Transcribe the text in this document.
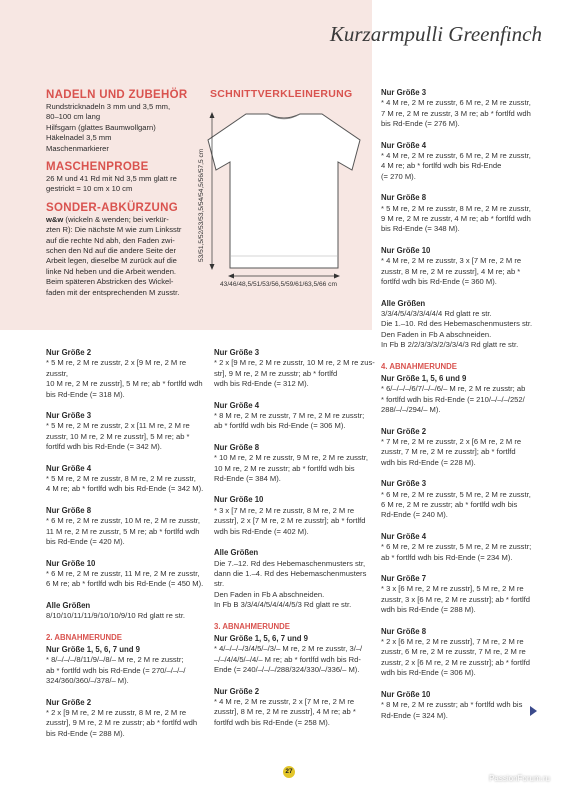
Kurzarmpulli Greenfinch
NADELN UND ZUBEHÖR
Rundstricknadeln 3 mm und 3,5 mm,
80–100 cm lang
Hilfsgarn (glattes Baumwollgarn)
Häkelnadel 3,5 mm
Maschenmarkierer
MASCHENPROBE
26 M und 41 Rd mit Nd 3,5 mm glatt re
gestrickt = 10 cm x 10 cm
SONDER-ABKÜRZUNG
w&w (wickeln & wenden; bei verkür-
zten R): Die nächste M wie zum Linksstr
auf die rechte Nd abh, den Faden zwi-
schen den Nd auf die andere Seite der
Arbeit legen, dieselbe M zurück auf die
linke Nd heben und die Arbeit wenden.
Beim späteren Abstricken des Wickel-
faden mit der entsprechenden M zusstr.
SCHNITTVERKLEINERUNG
53/51,5/52/53/53,5/54/54,5/56/57,5 cm
43/46/48,5/51/53/56,5/59/61/63,5/66 cm
Nur Größe 2
* 5 M re, 2 M re zusstr, 2 x [9 M re, 2 M re zusstr,
10 M re, 2 M re zusstr], 5 M re; ab * fortlfd wdh
bis Rd-Ende (= 318 M).
Nur Größe 3
* 5 M re, 2 M re zusstr, 2 x [11 M re, 2 M re
zusstr, 10 M re, 2 M re zusstr], 5 M re; ab *
fortlfd wdh bis Rd-Ende (= 342 M).
Nur Größe 4
* 5 M re, 2 M re zusstr, 8 M re, 2 M re zusstr,
4 M re; ab * fortlfd wdh bis Rd-Ende (= 342 M).
Nur Größe 8
* 6 M re, 2 M re zusstr, 10 M re, 2 M re zusstr,
11 M re, 2 M re zusstr, 5 M re; ab * fortlfd wdh
bis Rd-Ende (= 420 M).
Nur Größe 10
* 6 M re, 2 M re zusstr, 11 M re, 2 M re zusstr,
6 M re; ab * fortlfd wdh bis Rd-Ende (= 450 M).
Alle Größen
8/10/10/11/11/9/10/10/9/10 Rd glatt re str.
2. ABNAHMERUNDE
Nur Größe 1, 5, 6, 7 und 9
* 8/–/–/–/8/11/9/–/8/– M re, 2 M re zusstr;
ab * fortlfd wdh bis Rd-Ende (= 270/–/–/–/
324/360/360/–/378/– M).
Nur Größe 2
* 2 x [9 M re, 2 M re zusstr, 8 M re, 2 M re
zusstr], 9 M re, 2 M re zusstr; ab * fortlfd wdh
bis Rd-Ende (= 288 M).
Nur Größe 3
* 2 x [9 M re, 2 M re zusstr, 10 M re, 2 M re zus-
str], 9 M re, 2 M re zusstr; ab * fortlfd
wdh bis Rd-Ende (= 312 M).
Nur Größe 4
* 8 M re, 2 M re zusstr, 7 M re, 2 M re zusstr;
ab * fortlfd wdh bis Rd-Ende (= 306 M).
Nur Größe 8
* 10 M re, 2 M re zusstr, 9 M re, 2 M re zusstr,
10 M re, 2 M re zusstr; ab * fortlfd wdh bis
Rd-Ende (= 384 M).
Nur Größe 10
* 3 x [7 M re, 2 M re zusstr, 8 M re, 2 M re
zusstr], 2 x [7 M re, 2 M re zusstr]; ab * fortlfd
wdh bis Rd-Ende (= 402 M).
Alle Größen
Die 7.–12. Rd des Hebemaschenmusters str,
dann die 1.–4. Rd des Hebemaschenmusters
str.
Den Faden in Fb A abschneiden.
In Fb B 3/3/4/4/5/4/4/4/5/3 Rd glatt re str.
3. ABNAHMERUNDE
Nur Größe 1, 5, 6, 7 und 9
* 4/–/–/–/3/4/5/–/3/– M re, 2 M re zusstr, 3/–/
–/–/4/4/5/–/4/– M re; ab * fortlfd wdh bis Rd-
Ende (= 240/–/–/–/288/324/330/–/336/– M).
Nur Größe 2
* 4 M re, 2 M re zusstr, 2 x [7 M re, 2 M re
zusstr], 8 M re, 2 M re zusstr], 4 M re; ab *
fortlfd wdh bis Rd-Ende (= 258 M).
Nur Größe 3
* 4 M re, 2 M re zusstr, 6 M re, 2 M re zusstr,
7 M re, 2 M re zusstr, 3 M re; ab * fortlfd wdh
bis Rd-Ende (= 276 M).
Nur Größe 4
* 4 M re, 2 M re zusstr, 6 M re, 2 M re zusstr,
4 M re; ab * fortlfd wdh bis Rd-Ende
(= 270 M).
Nur Größe 8
* 5 M re, 2 M re zusstr, 8 M re, 2 M re zusstr,
9 M re, 2 M re zusstr, 4 M re; ab * fortlfd wdh
bis Rd-Ende (= 348 M).
Nur Größe 10
* 4 M re, 2 M re zusstr, 3 x [7 M re, 2 M re
zusstr, 8 M re, 2 M re zusstr], 4 M re; ab *
fortlfd wdh bis Rd-Ende (= 360 M).
Alle Größen
3/3/4/5/4/3/3/4/4/4 Rd glatt re str.
Die 1.–10. Rd des Hebemaschenmusters str.
Den Faden in Fb A abschneiden.
In Fb B 2/2/3/3/3/2/3/3/4/3 Rd glatt re str.
4. ABNAHMERUNDE
Nur Größe 1, 5, 6 und 9
* 6/–/–/–/6/7/–/–/6/– M re, 2 M re zusstr; ab
* fortlfd wdh bis Rd-Ende (= 210/–/–/–/252/
288/–/–/294/– M).
Nur Größe 2
* 7 M re, 2 M re zusstr, 2 x [6 M re, 2 M re
zusstr, 7 M re, 2 M re zusstr]; ab * fortlfd
wdh bis Rd-Ende (= 228 M).
Nur Größe 3
* 6 M re, 2 M re zusstr, 5 M re, 2 M re zusstr,
6 M re, 2 M re zusstr; ab * fortlfd wdh bis
Rd-Ende (= 240 M).
Nur Größe 4
* 6 M re, 2 M re zusstr, 5 M re, 2 M re zusstr;
ab * fortlfd wdh bis Rd-Ende (= 234 M).
Nur Größe 7
* 3 x [6 M re, 2 M re zusstr], 5 M re, 2 M re
zusstr, 3 x [6 M re, 2 M re zusstr]; ab * fortlfd
wdh bis Rd-Ende (= 288 M).
Nur Größe 8
* 2 x [6 M re, 2 M re zusstr], 7 M re, 2 M re
zusstr, 6 M re, 2 M re zusstr, 7 M re, 2 M re
zusstr, 2 x [6 M re, 2 M re zusstr]; ab * fortlfd
wdh bis Rd-Ende (= 306 M).
Nur Größe 10
* 8 M re, 2 M re zusstr; ab * fortlfd wdh bis
Rd-Ende (= 324 M).
27
PassionForum.ru
